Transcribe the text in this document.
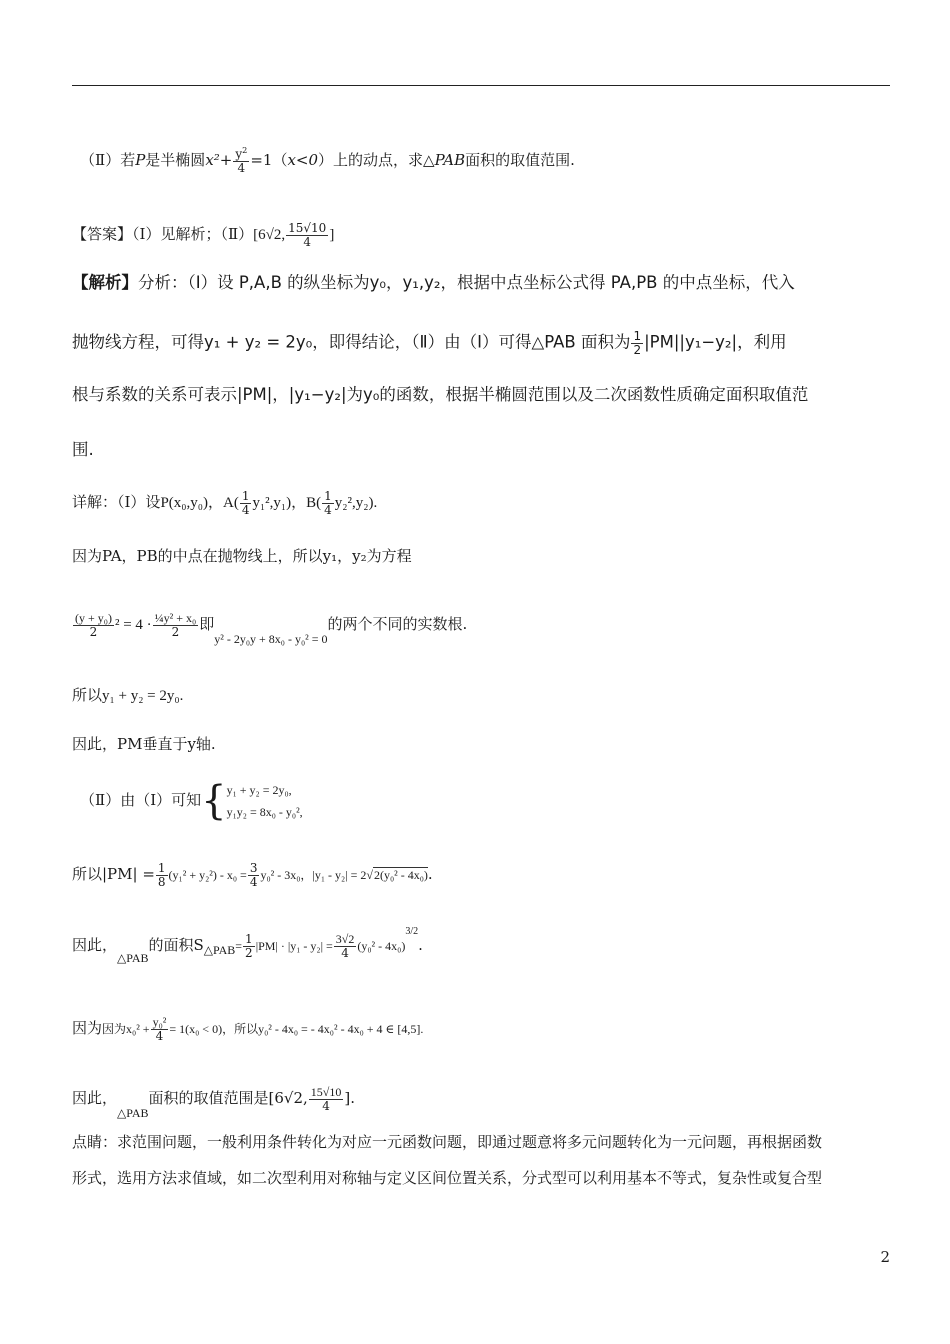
（Ⅱ）若P是半椭圆$x^2+ \frac{y^2}{4} =1(x<0)$上的动点，求△PAB面积的取值范围.
【答案】（Ⅰ）见解析；（Ⅱ）[6√2, $\frac{15√10}{4}$ ]
【解析】分析：（Ⅰ）设 P,A,B 的纵坐标为y₀，y₁,y₂，根据中点坐标公式得 PA,PB 的中点坐标，代入
抛物线方程，可得y₁ + y₂ = 2y₀，即得结论，（Ⅱ）由（Ⅰ）可得△PAB 面积为 $\frac{1}{2} |PM||y_1-y_2|$，利用
根与系数的关系可表示|PM|，|y₁−y₂|为y₀的函数，根据半椭圆范围以及二次函数性质确定面积取值范
围.
详解：（Ⅰ）设P(x₀,y₀)，$A( \frac{1}{4} y_1^2,y_1)$，$B( \frac{1}{4} y_2^2,y_2)$.
因为PA，PB的中点在抛物线上，所以y₁，y₂为方程
$\frac{\text{(y + y₀)}}{2} ^2 = 4 \cdot \frac{\text{¼y² + x₀}}{2}$ 即$_{y^2 - 2y_0y + 8x_0 - y_0^2 = 0}$的两个不同的实数根.
所以y₁ + y₂ = 2y₀.
因此，PM垂直于y轴.
（Ⅱ）由（Ⅰ）可知{ y₁ + y₂ = 2y₀,
y₁y₂ = 8x₀ - y₀²,
所以$|PM| = \frac{1}{8} (y_1^2 + y_2^2) - x_0 = \frac{3}{4} y_0^2 - 3x_0$，|y₁ - y₂| = 2√2(y₀² - 4x₀).
因此，$_{\triangle PAB}$的面积$S_{\triangle PAB}= \frac{1}{2} |PM| \cdot |y_1 - y_2| = \frac{3√2}{4} (y_0^2 - 4x_0)^{3/2}$.
因为因为$x_0^2 + \frac{\text{y₀²}}{4} = 1(x_0 < 0)$，所以y₀² - 4x₀ = - 4x₀² - 4x₀ + 4 ∈ [4,5].
因此，$_{\triangle PAB}$面积的取值范围是[6√2, $\frac{15√10}{4}$ ].
点睛：求范围问题，一般利用条件转化为对应一元函数问题，即通过题意将多元问题转化为一元问题，再根据函数
形式，选用方法求值域，如二次型利用对称轴与定义区间位置关系，分式型可以利用基本不等式，复杂性或复合型
2
